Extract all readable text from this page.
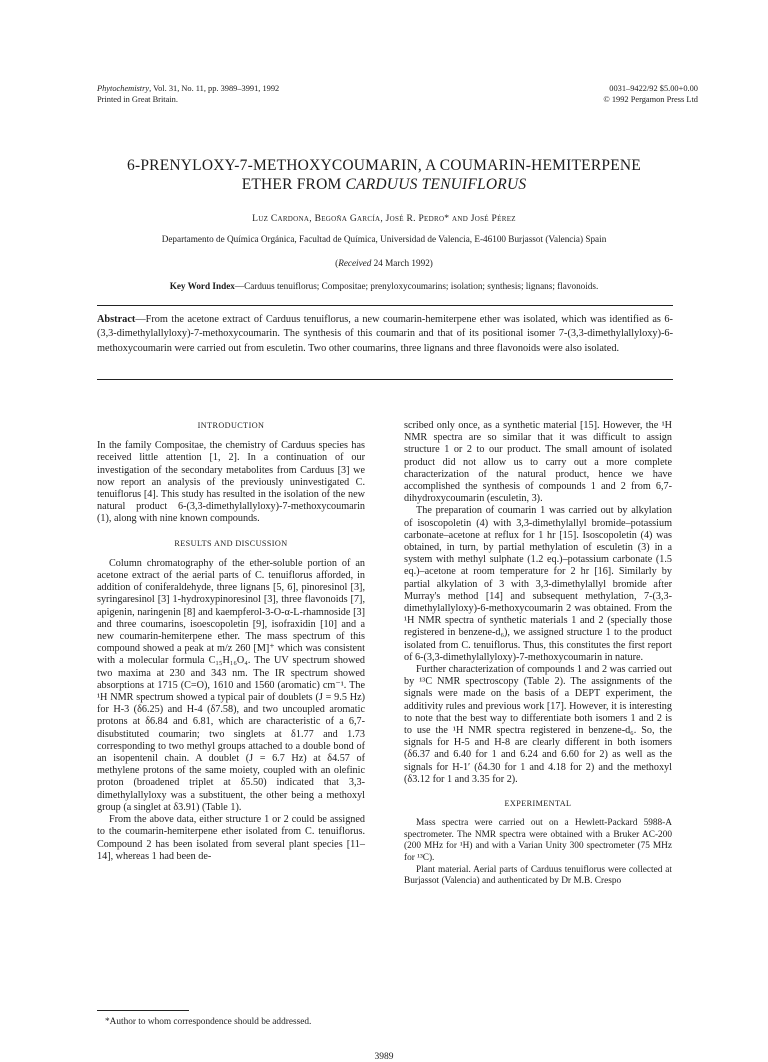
Phytochemistry, Vol. 31, No. 11, pp. 3989–3991, 1992
Printed in Great Britain.
0031–9422/92 $5.00+0.00
© 1992 Pergamon Press Ltd
6-PRENYLOXY-7-METHOXYCOUMARIN, A COUMARIN-HEMITERPENE
ETHER FROM CARDUUS TENUIFLORUS
Luz Cardona, Begoña García, José R. Pedro* and José Pérez
Departamento de Química Orgánica, Facultad de Química, Universidad de Valencia, E-46100 Burjassot (Valencia) Spain
(Received 24 March 1992)
Key Word Index—Carduus tenuiflorus; Compositae; prenyloxycoumarins; isolation; synthesis; lignans; flavonoids.
Abstract—From the acetone extract of Carduus tenuiflorus, a new coumarin-hemiterpene ether was isolated, which was identified as 6-(3,3-dimethylallyloxy)-7-methoxycoumarin. The synthesis of this coumarin and that of its positional isomer 7-(3,3-dimethylallyloxy)-6-methoxycoumarin were carried out from esculetin. Two other coumarins, three lignans and three flavonoids were also isolated.
INTRODUCTION

In the family Compositae, the chemistry of Carduus species has received little attention [1, 2]. In a continuation of our investigation of the secondary metabolites from Carduus [3] we now report an analysis of the previously uninvestigated C. tenuiflorus [4]. This study has resulted in the isolation of the new natural product 6-(3,3-dimethylallyloxy)-7-methoxycoumarin (1), along with nine known compounds.

RESULTS AND DISCUSSION

Column chromatography of the ether-soluble portion of an acetone extract of the aerial parts of C. tenuiflorus afforded, in addition of coniferaldehyde, three lignans [5, 6], pinoresinol [3], syringaresinol [3] 1-hydroxypinoresinol [3], three flavonoids [7], apigenin, naringenin [8] and kaempferol-3-O-α-L-rhamnoside [3] and three coumarins, isoescopoletin [9], isofraxidin [10] and a new coumarin-hemiterpene ether. The mass spectrum of this compound showed a peak at m/z 260 [M]⁺ which was consistent with a molecular formula C₁₅H₁₆O₄. The UV spectrum showed two maxima at 230 and 343 nm. The IR spectrum showed absorptions at 1715 (C=O), 1610 and 1560 (aromatic) cm⁻¹. The ¹H NMR spectrum showed a typical pair of doublets (J = 9.5 Hz) for H-3 (δ6.25) and H-4 (δ7.58), and two uncoupled aromatic protons at δ6.84 and 6.81, which are characteristic of a 6,7-disubstituted coumarin; two singlets at δ1.77 and 1.73 corresponding to two methyl groups attached to a double bond of an isopentenil chain. A doublet (J = 6.7 Hz) at δ4.57 of methylene protons of the same moiety, coupled with an olefinic proton (broadened triplet at δ5.50) indicated that 3,3-dimethylallyloxy was a substituent, the other being a methoxyl group (a singlet at δ3.91) (Table 1).

From the above data, either structure 1 or 2 could be assigned to the coumarin-hemiterpene ether isolated from C. tenuiflorus. Compound 2 has been isolated from several plant species [11–14], whereas 1 had been de-

scribed only once, as a synthetic material [15]. However, the ¹H NMR spectra are so similar that it was difficult to assign structure 1 or 2 to our product. The small amount of isolated product did not allow us to carry out a more complete characterization of the natural product, hence we have accomplished the synthesis of compounds 1 and 2 from 6,7-dihydroxycoumarin (esculetin, 3).

The preparation of coumarin 1 was carried out by alkylation of isoscopoletin (4) with 3,3-dimethylallyl bromide–potassium carbonate–acetone at reflux for 1 hr [15]. Isoscopoletin (4) was obtained, in turn, by partial methylation of esculetin (3) in a system with methyl sulphate (1.2 eq.)–potassium carbonate (1.5 eq.)–acetone at room temperature for 2 hr [16]. Similarly by partial alkylation of 3 with 3,3-dimethylallyl bromide after Murray's method [14] and subsequent methylation, 7-(3,3-dimethylallyloxy)-6-methoxycoumarin 2 was obtained. From the ¹H NMR spectra of synthetic materials 1 and 2 (specially those registered in benzene-d₆), we assigned structure 1 to the product isolated from C. tenuiflorus. Thus, this constitutes the first report of 6-(3,3-dimethylallyloxy)-7-methoxycoumarin in nature.

Further characterization of compounds 1 and 2 was carried out by ¹³C NMR spectroscopy (Table 2). The assignments of the signals were made on the basis of a DEPT experiment, the additivity rules and previous work [17]. However, it is interesting to note that the best way to differentiate both isomers 1 and 2 is to use the ¹H NMR spectra registered in benzene-d₆. So, the signals for H-5 and H-8 are clearly different in both isomers (δ6.37 and 6.40 for 1 and 6.24 and 6.60 for 2) as well as the signals for H-1′ (δ4.30 for 1 and 4.18 for 2) and the methoxyl (δ3.12 for 1 and 3.35 for 2).

EXPERIMENTAL

Mass spectra were carried out on a Hewlett-Packard 5988-A spectrometer. The NMR spectra were obtained with a Bruker AC-200 (200 MHz for ¹H) and with a Varian Unity 300 spectrometer (75 MHz for ¹³C).

Plant material. Aerial parts of Carduus tenuiflorus were collected at Burjassot (Valencia) and authenticated by Dr M.B. Crespo

*Author to whom correspondence should be addressed.
3989
